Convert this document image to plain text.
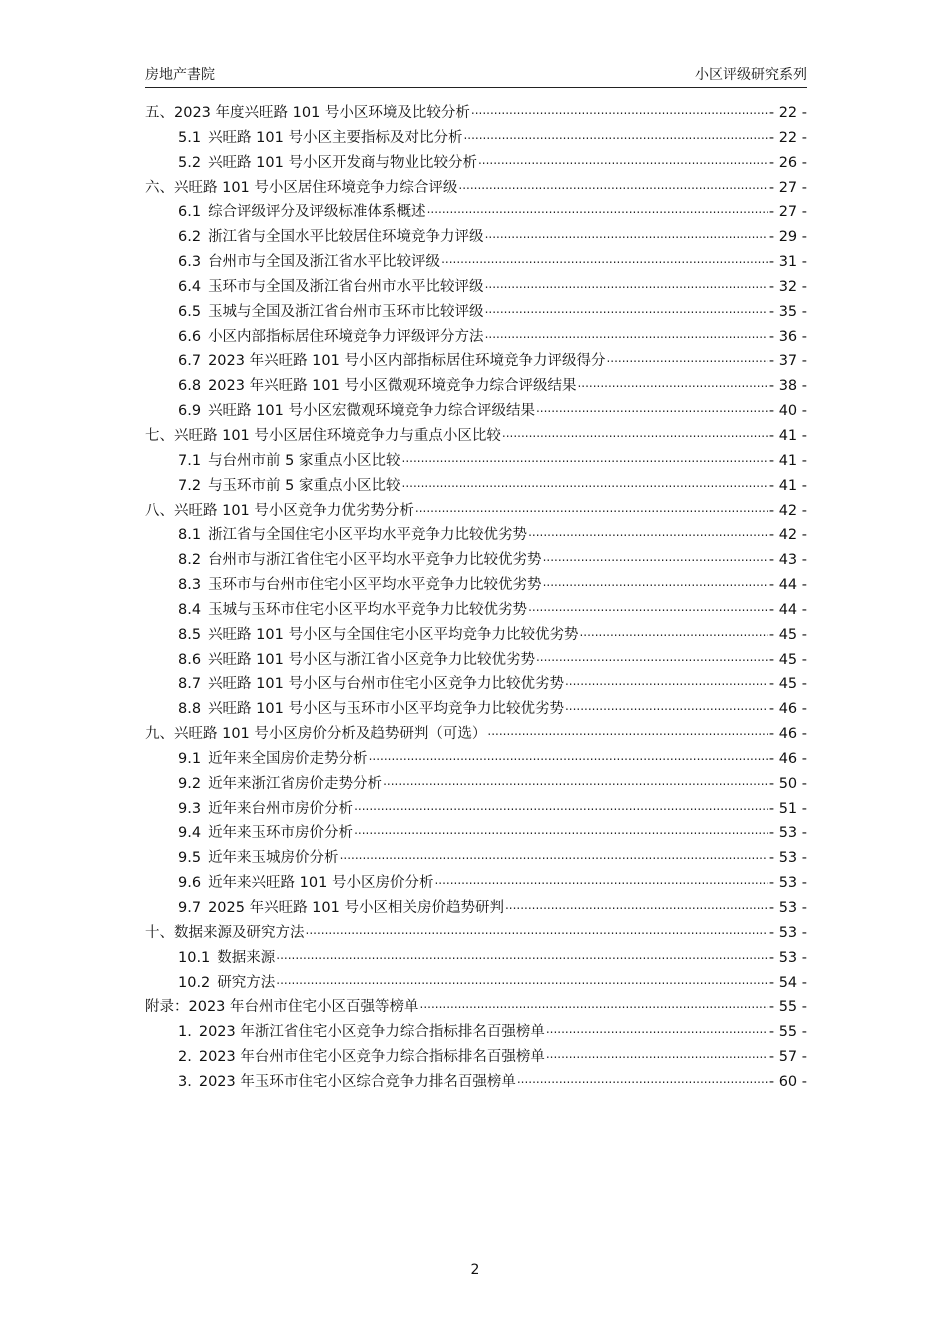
房地产書院	小区评级研究系列
五、2023 年度兴旺路 101 号小区环境及比较分析 .....	- 22 -
5.1 兴旺路 101 号小区主要指标及对比分析 .....	- 22 -
5.2 兴旺路 101 号小区开发商与物业比较分析 .....	- 26 -
六、兴旺路 101 号小区居住环境竞争力综合评级 .....	- 27 -
6.1 综合评级评分及评级标准体系概述 .....	- 27 -
6.2 浙江省与全国水平比较居住环境竞争力评级 .....	- 29 -
6.3 台州市与全国及浙江省水平比较评级 .....	- 31 -
6.4 玉环市与全国及浙江省台州市水平比较评级 .....	- 32 -
6.5 玉城与全国及浙江省台州市玉环市比较评级 .....	- 35 -
6.6 小区内部指标居住环境竞争力评级评分方法 .....	- 36 -
6.7 2023 年兴旺路 101 号小区内部指标居住环境竞争力评级得分 .....	- 37 -
6.8 2023 年兴旺路 101 号小区微观环境竞争力综合评级结果 .....	- 38 -
6.9 兴旺路 101 号小区宏微观环境竞争力综合评级结果 .....	- 40 -
七、兴旺路 101 号小区居住环境竞争力与重点小区比较 .....	- 41 -
7.1 与台州市前 5 家重点小区比较 .....	- 41 -
7.2 与玉环市前 5 家重点小区比较 .....	- 41 -
八、兴旺路 101 号小区竞争力优劣势分析 .....	- 42 -
8.1 浙江省与全国住宅小区平均水平竞争力比较优劣势 .....	- 42 -
8.2 台州市与浙江省住宅小区平均水平竞争力比较优劣势 .....	- 43 -
8.3 玉环市与台州市住宅小区平均水平竞争力比较优劣势 .....	- 44 -
8.4 玉城与玉环市住宅小区平均水平竞争力比较优劣势 .....	- 44 -
8.5 兴旺路 101 号小区与全国住宅小区平均竞争力比较优劣势 .....	- 45 -
8.6 兴旺路 101 号小区与浙江省小区竞争力比较优劣势 .....	- 45 -
8.7 兴旺路 101 号小区与台州市住宅小区竞争力比较优劣势 .....	- 45 -
8.8 兴旺路 101 号小区与玉环市小区平均竞争力比较优劣势 .....	- 46 -
九、兴旺路 101 号小区房价分析及趋势研判（可选） .....	- 46 -
9.1 近年来全国房价走势分析 .....	- 46 -
9.2 近年来浙江省房价走势分析 .....	- 50 -
9.3 近年来台州市房价分析 .....	- 51 -
9.4 近年来玉环市房价分析 .....	- 53 -
9.5 近年来玉城房价分析 .....	- 53 -
9.6 近年来兴旺路 101 号小区房价分析 .....	- 53 -
9.7 2025 年兴旺路 101 号小区相关房价趋势研判 .....	- 53 -
十、数据来源及研究方法 .....	- 53 -
10.1 数据来源 .....	- 53 -
10.2 研究方法 .....	- 54 -
附录：2023 年台州市住宅小区百强等榜单 .....	- 55 -
1. 2023 年浙江省住宅小区竞争力综合指标排名百强榜单 .....	- 55 -
2. 2023 年台州市住宅小区竞争力综合指标排名百强榜单 .....	- 57 -
3. 2023 年玉环市住宅小区综合竞争力排名百强榜单 .....	- 60 -
2
